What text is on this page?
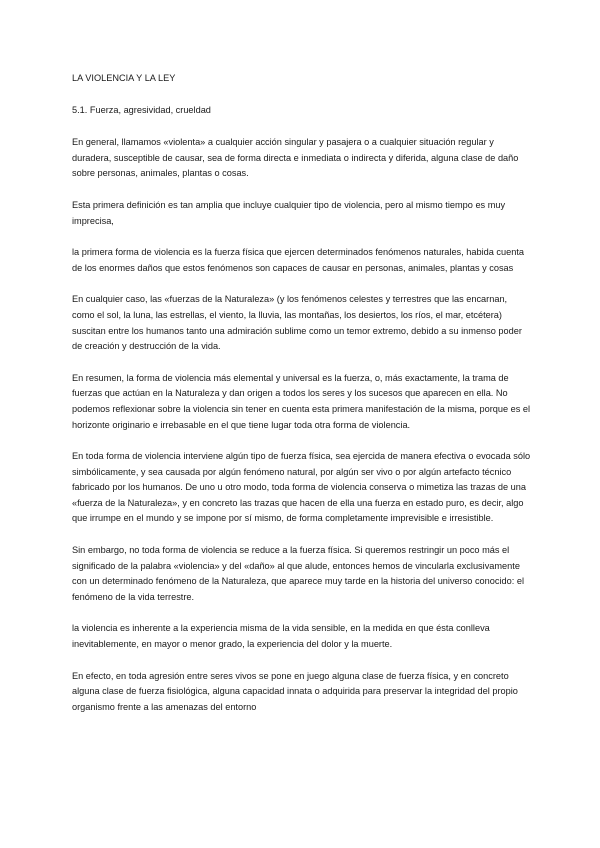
LA VIOLENCIA Y LA LEY

5.1. Fuerza, agresividad, crueldad

En general, llamamos «violenta» a cualquier acción singular y pasajera o a cualquier situación regular y duradera, susceptible de causar, sea de forma directa e inmediata o indirecta y diferida, alguna clase de daño sobre personas, animales, plantas o cosas.

Esta primera definición es tan amplia que incluye cualquier tipo de violencia, pero al mismo tiempo es muy imprecisa,

la primera forma de violencia es la fuerza física que ejercen determinados fenómenos naturales, habida cuenta de los enormes daños que estos fenómenos son capaces de causar en personas, animales, plantas y cosas

En cualquier caso, las «fuerzas de la Naturaleza» (y los fenómenos celestes y terrestres que las encarnan, como el sol, la luna, las estrellas, el viento, la lluvia, las montañas, los desiertos, los ríos, el mar, etcétera) suscitan entre los humanos tanto una admiración sublime como un temor extremo, debido a su inmenso poder de creación y destrucción de la vida.

En resumen, la forma de violencia más elemental y universal es la fuerza, o, más exactamente, la trama de fuerzas que actúan en la Naturaleza y dan origen a todos los seres y los sucesos que aparecen en ella. No podemos reflexionar sobre la violencia sin tener en cuenta esta primera manifestación de la misma, porque es el horizonte originario e irrebasable en el que tiene lugar toda otra forma de violencia.

En toda forma de violencia interviene algún tipo de fuerza física, sea ejercida de manera efectiva o evocada sólo simbólicamente, y sea causada por algún fenómeno natural, por algún ser vivo o por algún artefacto técnico fabricado por los humanos. De uno u otro modo, toda forma de violencia conserva o mimetiza las trazas de una «fuerza de la Naturaleza», y en concreto las trazas que hacen de ella una fuerza en estado puro, es decir, algo que irrumpe en el mundo y se impone por sí mismo, de forma completamente imprevisible e irresistible.

Sin embargo, no toda forma de violencia se reduce a la fuerza física. Si queremos restringir un poco más el significado de la palabra «violencia» y del «daño» al que alude, entonces hemos de vincularla exclusivamente con un determinado fenómeno de la Naturaleza, que aparece muy tarde en la historia del universo conocido: el fenómeno de la vida terrestre.

la violencia es inherente a la experiencia misma de la vida sensible, en la medida en que ésta conlleva inevitablemente, en mayor o menor grado, la experiencia del dolor y la muerte.

En efecto, en toda agresión entre seres vivos se pone en juego alguna clase de fuerza física, y en concreto alguna clase de fuerza fisiológica, alguna capacidad innata o adquirida para preservar la integridad del propio organismo frente a las amenazas del entorno
